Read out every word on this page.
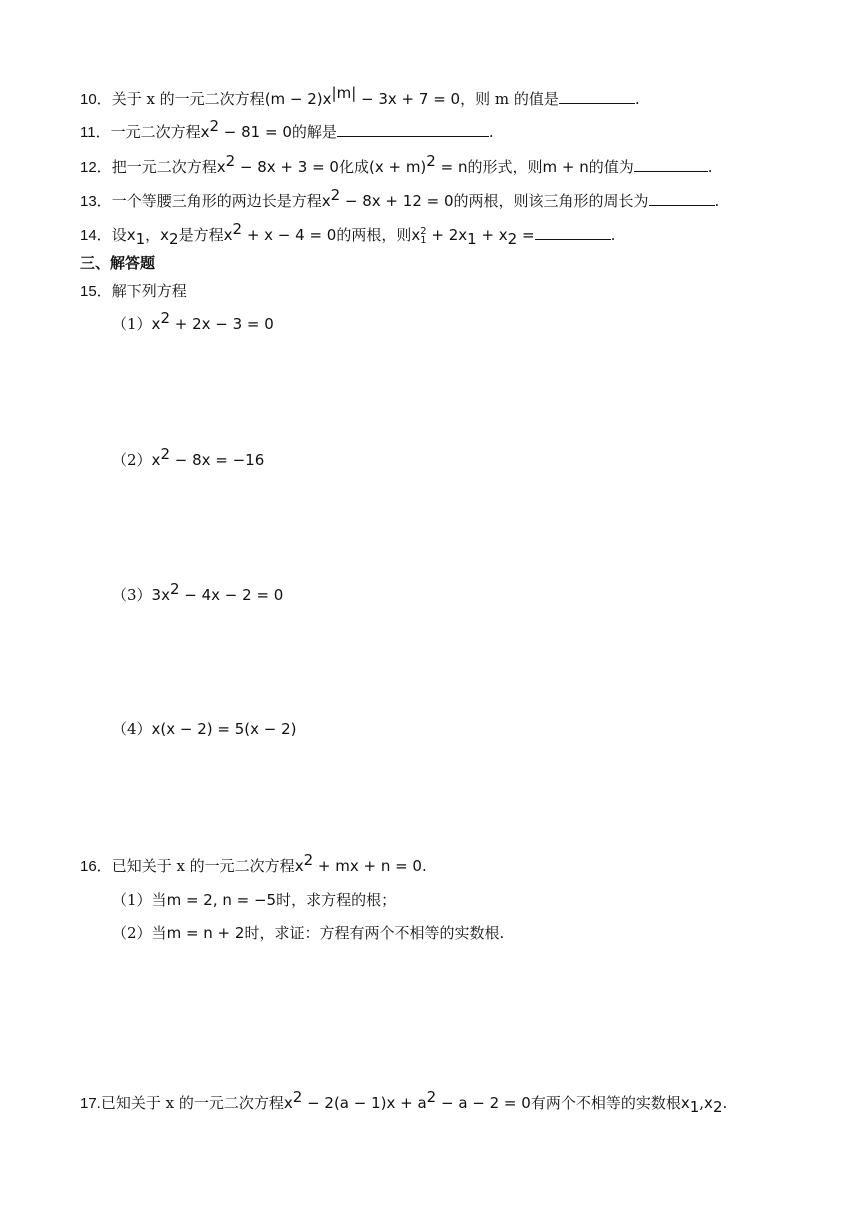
10．关于 x 的一元二次方程$(m - 2)x^{|m|} - 3x + 7 = 0$，则 m 的值是	.
11．一元二次方程$x^2 - 81 = 0$的解是	.
12．把一元二次方程$x^2 - 8x + 3 = 0$化成$(x + m)^2 = n$的形式，则m + n的值为	.
13．一个等腰三角形的两边长是方程$x^2 - 8x + 12 = 0$的两根，则该三角形的周长为	.
14．设$x_1$，$x_2$是方程$x^2 + x - 4 = 0$的两根，则x 2
$1 + 2x_1 + x_2$ =	.
三、解答题
15．解下列方程
$(1)x^2 + 2x - 3 = 0$
$(2)x^2 - 8x = -16$
$(3)3x^2 - 4x - 2 = 0$
（4）x(x − 2) = 5(x − 2)
16．已知关于 x 的一元二次方程$x^2$ + mx + n = 0.
（1）当m = 2, n = −5时，求方程的根；
（2）当m = n + 2时，求证：方程有两个不相等的实数根.
17.已知关于 x 的一元二次方程$x^2 - 2(a - 1)x + a^2 - a - 2 = 0$有两个不相等的实数根$x_1,x_2$.
